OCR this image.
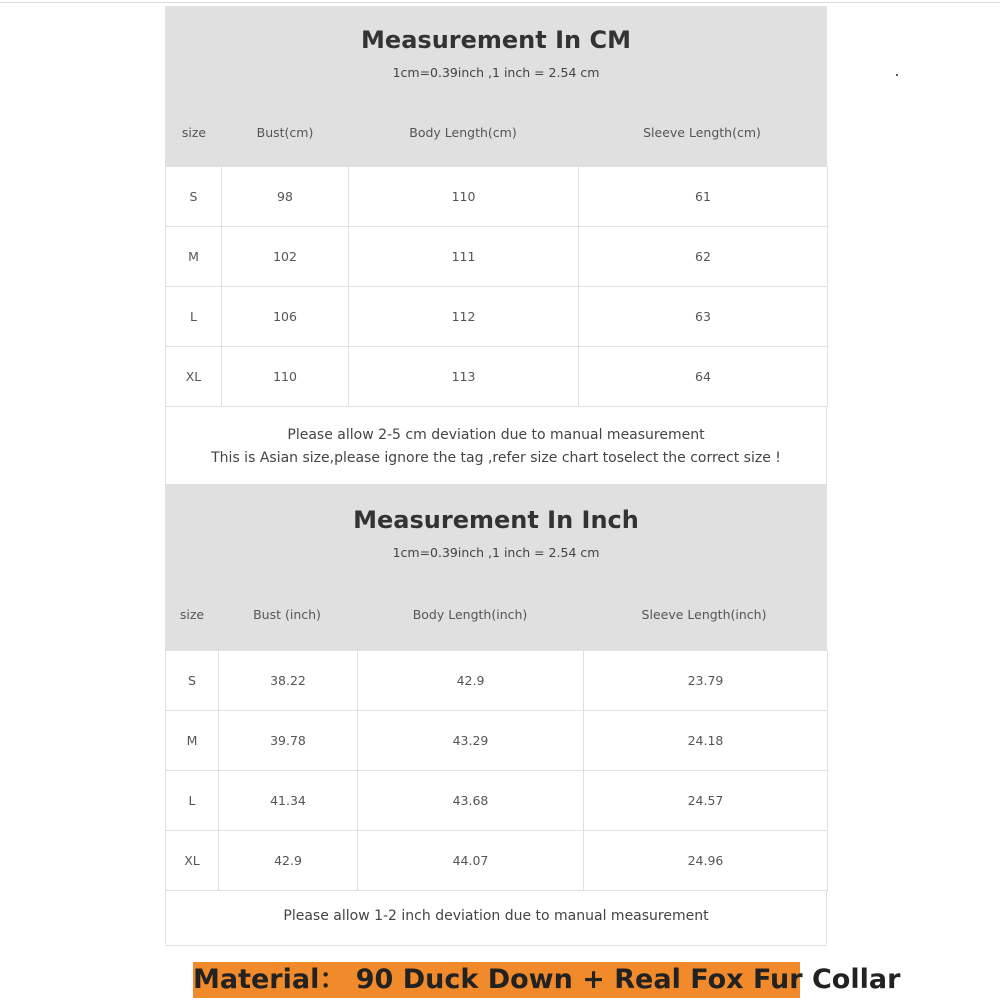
Measurement In CM
1cm=0.39inch ,1 inch = 2.54 cm
size	Bust(cm)	Body Length(cm)	Sleeve Length(cm)
S	98	110	61
M	102	111	62
L	106	112	63
XL	110	113	64
Please allow 2-5 cm deviation due to manual measurement
This is Asian size,please ignore the tag ,refer size chart toselect the correct size !
Measurement In Inch
1cm=0.39inch ,1 inch = 2.54 cm
size	Bust (inch)	Body Length(inch)	Sleeve Length(inch)
S	38.22	42.9	23.79
M	39.78	43.29	24.18
L	41.34	43.68	24.57
XL	42.9	44.07	24.96
Please allow 1-2 inch deviation due to manual measurement
Material： 90 Duck Down + Real Fox Fur Collar
